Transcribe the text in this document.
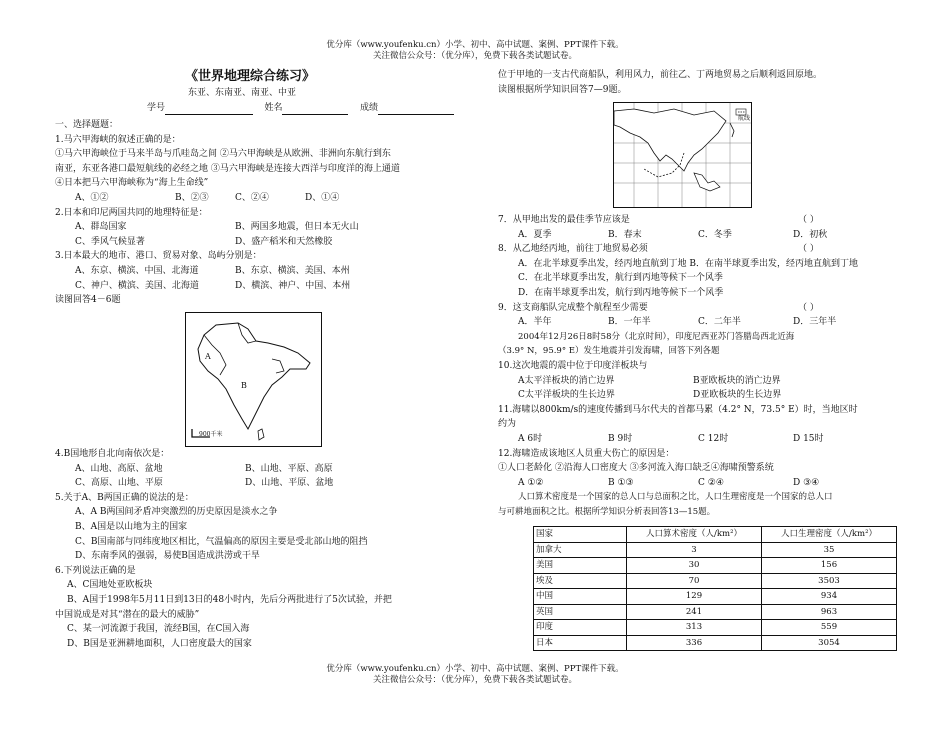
优分库（www.youfenku.cn）小学、初中、高中试题、案例、PPT课件下载。
关注微信公众号：（优分库），免费下载各类试题试卷。
《世界地理综合练习》
东亚、东南亚、南亚、中亚
学号	姓名	成绩
一、选择题题：
1.马六甲海峡的叙述正确的是：
①马六甲海峡位于马来半岛与爪哇岛之间 ②马六甲海峡是从欧洲、非洲向东航行到东
南亚，东亚各港口最短航线的必经之地 ③马六甲海峡是连接大西洋与印度洋的海上通道
④日本把马六甲海峡称为“海上生命线”
A、①②	B、②③	C、②④	D、①④
2.日本和印尼两国共同的地理特征是：
A、群岛国家	B、两国多地震，但日本无火山
C、季风气候显著	D、盛产稻米和天然橡胶
3.日本最大的地市、港口、贸易对象、岛屿分别是：
A、东京、横滨、中国、北海道	B、东京、横滨、美国、本州
C、神户、横滨、美国、北海道	D、横滨、神户、中国、本州
读图回答4－6题
A
B
900千米
4.B国地形自北向南依次是：
A、山地、高原、盆地	B、山地、平原、高原
C、高原、山地、平原	D、山地、平原、盆地
5.关于A、B两国正确的说法的是：
A、A B两国间矛盾冲突激烈的历史原因是淡水之争
B、A国是以山地为主的国家
C、B国南部与同纬度地区相比，气温偏高的原因主要是受北部山地的阻挡
D、东南季风的强弱，易使B国造成洪涝或干旱
6.下列说法正确的是
A、C国地处亚欧板块
B、A国于1998年5月11日到13日的48小时内，先后分两批进行了5次试验，并把
中国说成是对其“潜在的最大的威胁”
C、某一河流源于我国，流经B国，在C国入海
D、B国是亚洲耕地面积，人口密度最大的国家
位于甲地的一支古代商船队，利用风力，前往乙、丁两地贸易之后顺利返回原地。
读图根据所学知识回答7—9题。
航线
7．从甲地出发的最佳季节应该是	（ ）
A．夏季	B．春末	C．冬季	D．初秋
8．从乙地经丙地，前往丁地贸易必须	（ ）
A．在北半球夏季出发，经丙地直航到丁地 B．在南半球夏季出发，经丙地直航到丁地
C．在北半球夏季出发，航行到丙地等候下一个风季
D．在南半球夏季出发，航行到丙地等候下一个风季
9．这支商船队完成整个航程至少需要	（ ）
A．半年	B．一年半	C．二年半	D．三年半
2004年12月26日8时58分（北京时间），印度尼西亚苏门答腊岛西北近海
（3.9° N，95.9° E）发生地震并引发海啸，回答下列各题
10.这次地震的震中位于印度洋板块与
A太平洋板块的消亡边界	B亚欧板块的消亡边界
C太平洋板块的生长边界	D亚欧板块的生长边界
11.海啸以800km/s的速度传播到马尔代夫的首都马累（4.2° N，73.5° E）时，当地区时
约为
A 6时	B 9时	C 12时	D 15时
12.海啸造成该地区人员重大伤亡的原因是：
①人口老龄化 ②沿海人口密度大 ③多河流入海口缺乏④海啸预警系统
A ①②	B ①③	C ②④	D ③④
人口算术密度是一个国家的总人口与总面积之比，人口生理密度是一个国家的总人口
与可耕地面积之比。根据所学知识分析表回答13—15题。
国家	人口算术密度（人/km²）	人口生理密度（人/km²）
加拿大	3	35
美国	30	156
埃及	70	3503
中国	129	934
英国	241	963
印度	313	559
日本	336	3054
优分库（www.youfenku.cn）小学、初中、高中试题、案例、PPT课件下载。
关注微信公众号：（优分库），免费下载各类试题试卷。
